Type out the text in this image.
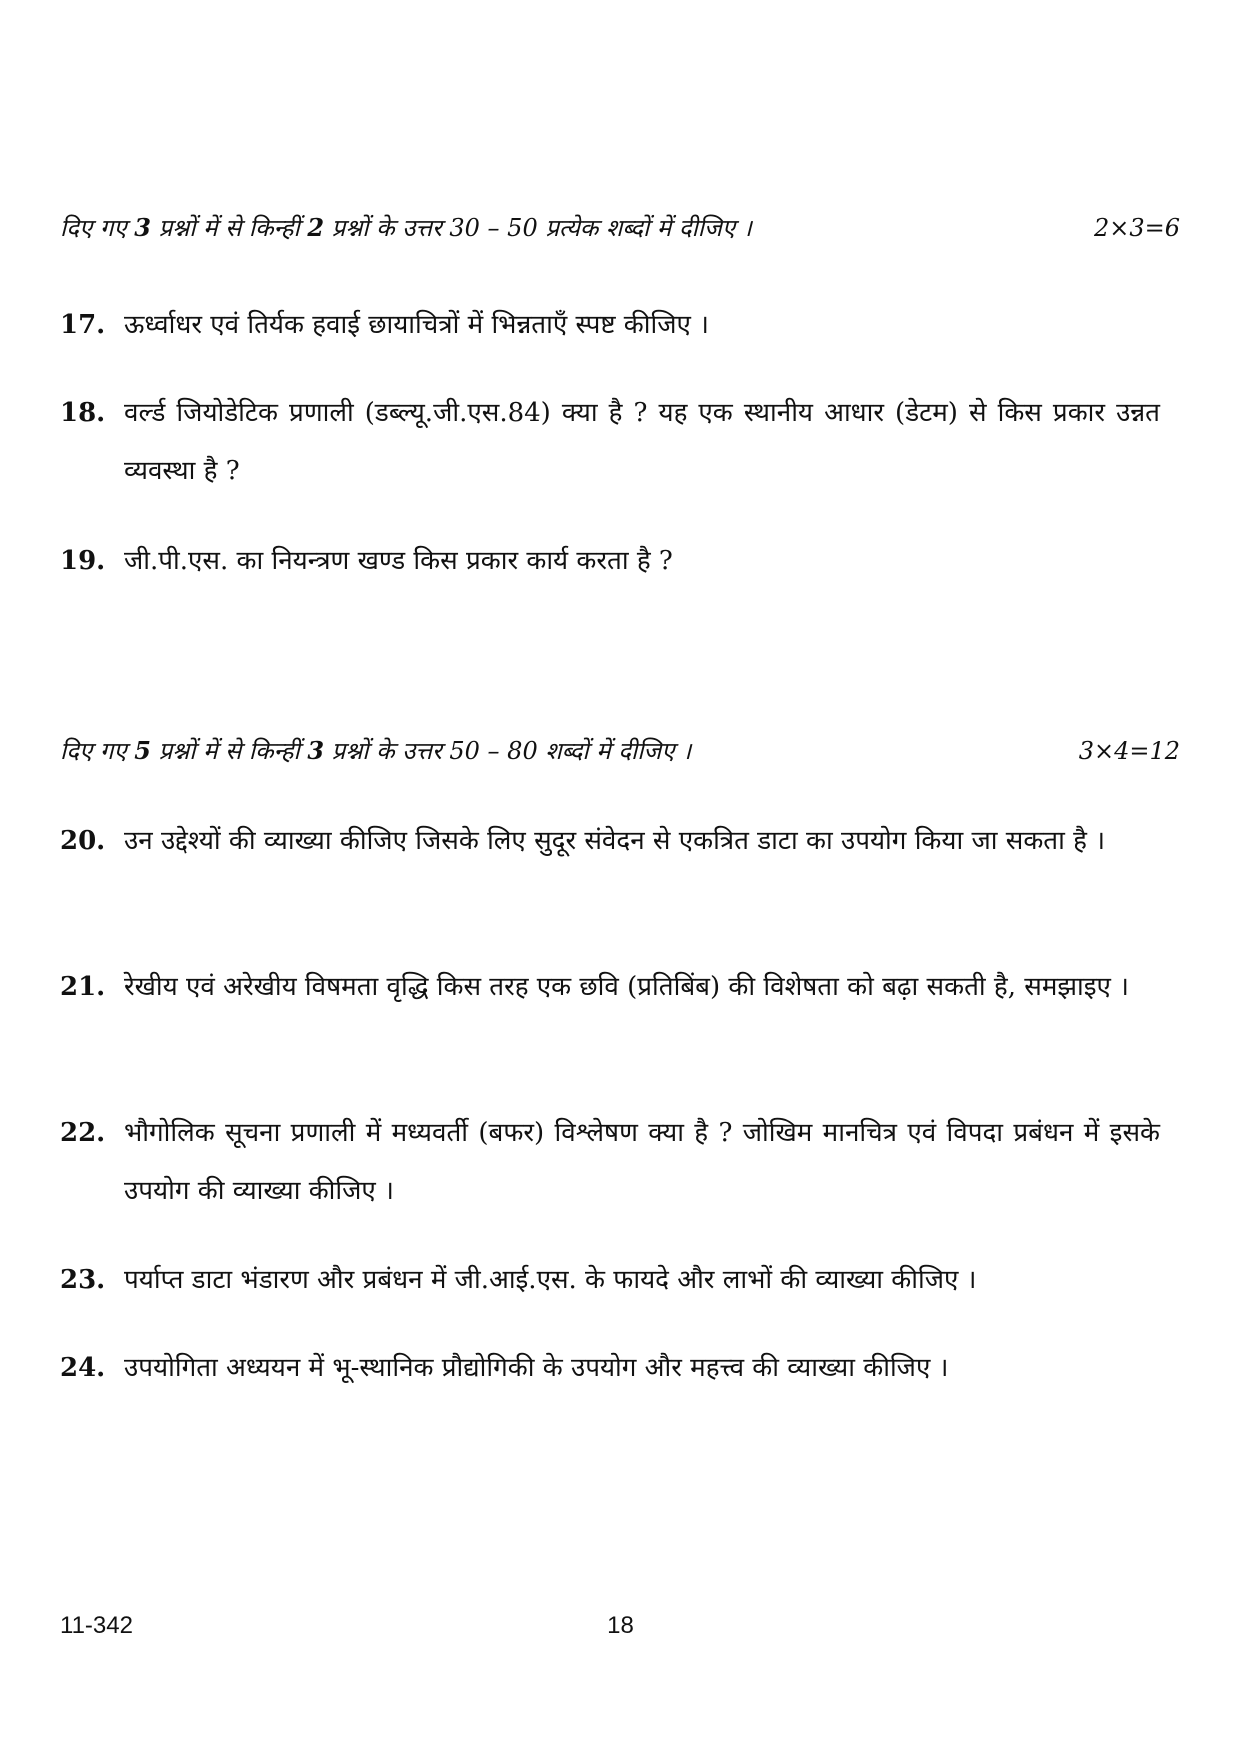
दिए गए 3 प्रश्नों में से किन्हीं 2 प्रश्नों के उत्तर 30 – 50 प्रत्येक शब्दों में दीजिए ।	2×3=6
17. ऊर्ध्वाधर एवं तिर्यक हवाई छायाचित्रों में भिन्नताएँ स्पष्ट कीजिए ।
18. वर्ल्ड जियोडेटिक प्रणाली (डब्ल्यू.जी.एस.84) क्या है ? यह एक स्थानीय आधार (डेटम) से किस प्रकार उन्नत व्यवस्था है ?
19. जी.पी.एस. का नियन्त्रण खण्ड किस प्रकार कार्य करता है ?
दिए गए 5 प्रश्नों में से किन्हीं 3 प्रश्नों के उत्तर 50 – 80 शब्दों में दीजिए ।	3×4=12
20. उन उद्देश्यों की व्याख्या कीजिए जिसके लिए सुदूर संवेदन से एकत्रित डाटा का उपयोग किया जा सकता है ।
21. रेखीय एवं अरेखीय विषमता वृद्धि किस तरह एक छवि (प्रतिबिंब) की विशेषता को बढ़ा सकती है, समझाइए ।
22. भौगोलिक सूचना प्रणाली में मध्यवर्ती (बफर) विश्लेषण क्या है ? जोखिम मानचित्र एवं विपदा प्रबंधन में इसके उपयोग की व्याख्या कीजिए ।
23. पर्याप्त डाटा भंडारण और प्रबंधन में जी.आई.एस. के फायदे और लाभों की व्याख्या कीजिए ।
24. उपयोगिता अध्ययन में भू-स्थानिक प्रौद्योगिकी के उपयोग और महत्त्व की व्याख्या कीजिए ।
11-342	18
